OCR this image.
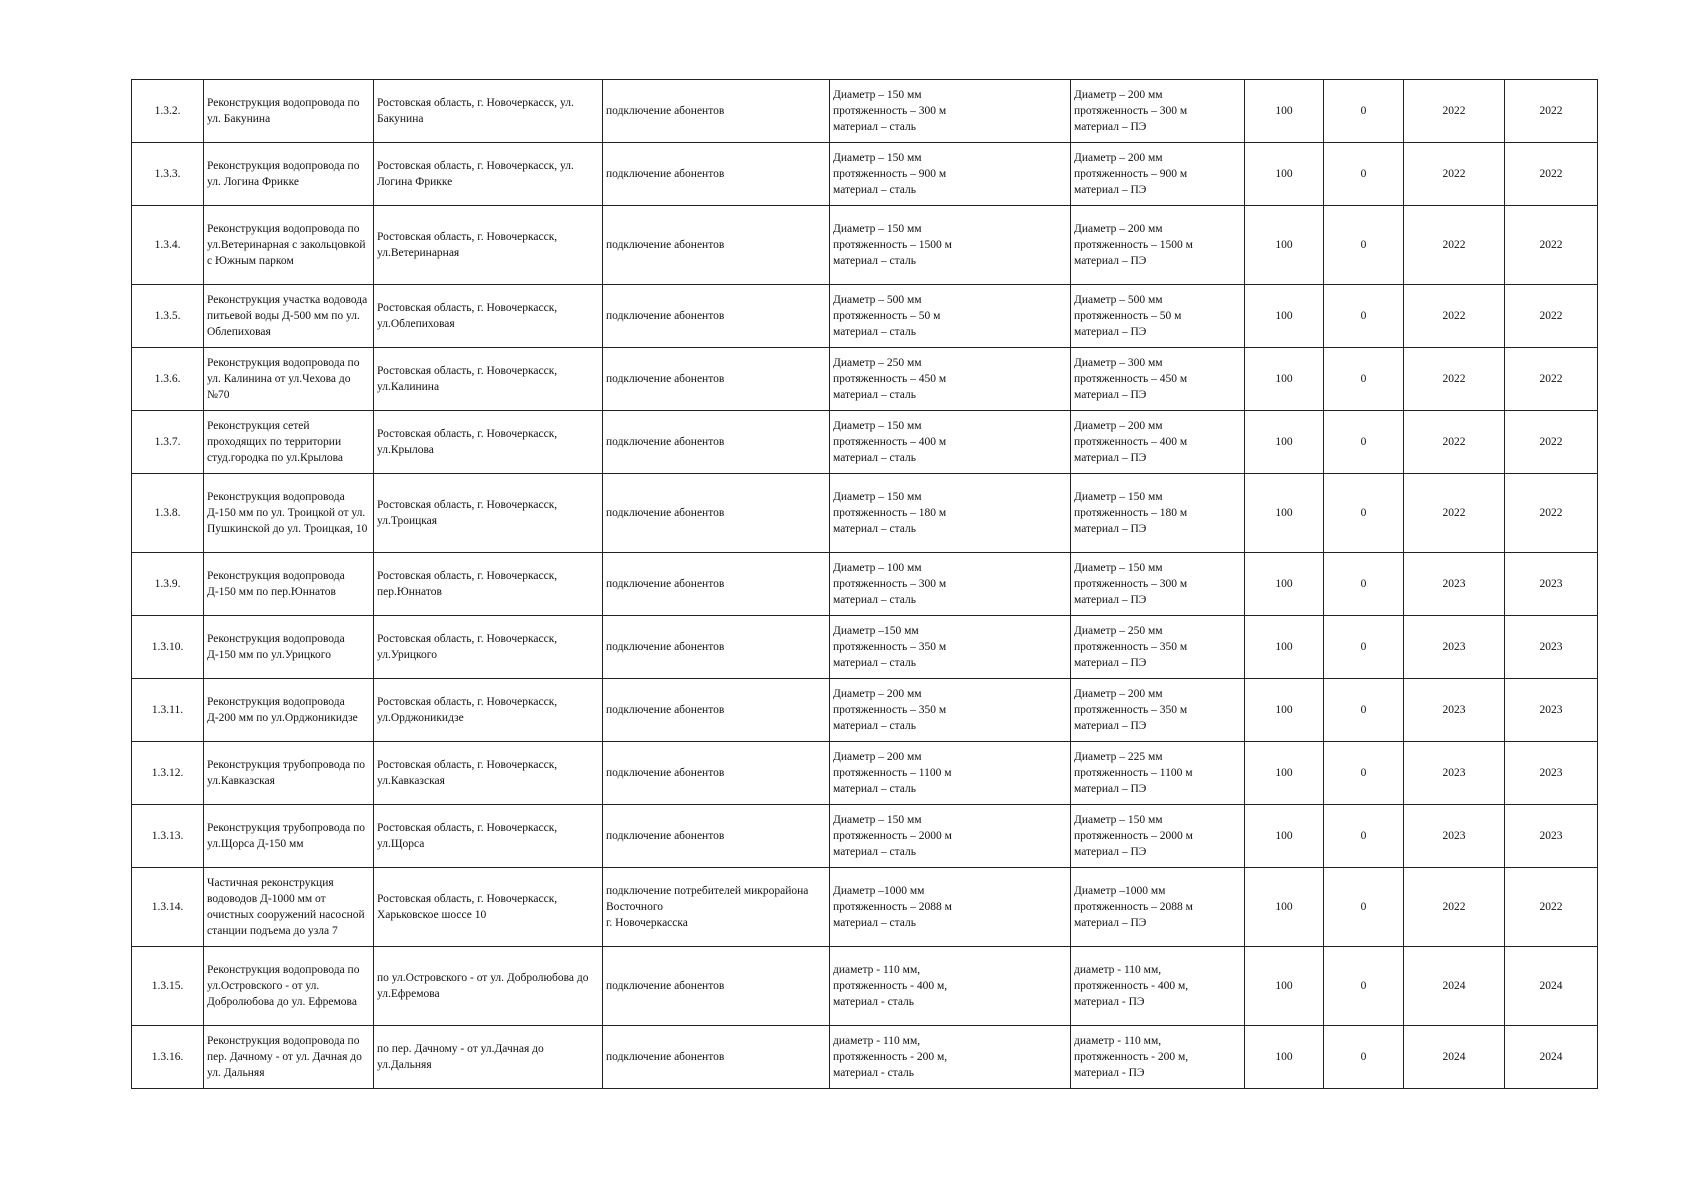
1.3.2.	Реконструкция водопровода по ул. Бакунина	Ростовская область, г. Новочеркасск, ул. Бакунина	подключение абонентов	Диаметр – 150 мм
протяженность – 300 м
материал – сталь	Диаметр – 200 мм
протяженность – 300 м
материал – ПЭ	100	0	2022	2022
1.3.3.	Реконструкция водопровода по ул. Логина Фрикке	Ростовская область, г. Новочеркасск, ул. Логина Фрикке	подключение абонентов	Диаметр – 150 мм
протяженность – 900 м
материал – сталь	Диаметр – 200 мм
протяженность – 900 м
материал – ПЭ	100	0	2022	2022
1.3.4.	Реконструкция водопровода по ул.Ветеринарная с закольцовкой с Южным парком	Ростовская область, г. Новочеркасск, ул.Ветеринарная	подключение абонентов	Диаметр – 150 мм
протяженность – 1500 м
материал – сталь	Диаметр – 200 мм
протяженность – 1500 м
материал – ПЭ	100	0	2022	2022
1.3.5.	Реконструкция участка водовода питьевой воды Д-500 мм по ул. Облепиховая	Ростовская область, г. Новочеркасск, ул.Облепиховая	подключение абонентов	Диаметр – 500 мм
протяженность – 50 м
материал – сталь	Диаметр – 500 мм
протяженность – 50 м
материал – ПЭ	100	0	2022	2022
1.3.6.	Реконструкция водопровода по ул. Калинина от ул.Чехова до №70	Ростовская область, г. Новочеркасск, ул.Калинина	подключение абонентов	Диаметр – 250 мм
протяженность – 450 м
материал – сталь	Диаметр – 300 мм
протяженность – 450 м
материал – ПЭ	100	0	2022	2022
1.3.7.	Реконструкция сетей проходящих по территории студ.городка по ул.Крылова	Ростовская область, г. Новочеркасск, ул.Крылова	подключение абонентов	Диаметр – 150 мм
протяженность – 400 м
материал – сталь	Диаметр – 200 мм
протяженность – 400 м
материал – ПЭ	100	0	2022	2022
1.3.8.	Реконструкция водопровода Д-150 мм по ул. Троицкой от ул. Пушкинской до ул. Троицкая, 10	Ростовская область, г. Новочеркасск, ул.Троицкая	подключение абонентов	Диаметр – 150 мм
протяженность – 180 м
материал – сталь	Диаметр – 150 мм
протяженность – 180 м
материал – ПЭ	100	0	2022	2022
1.3.9.	Реконструкция водопровода Д-150 мм по пер.Юннатов	Ростовская область, г. Новочеркасск, пер.Юннатов	подключение абонентов	Диаметр – 100 мм
протяженность – 300 м
материал – сталь	Диаметр – 150 мм
протяженность – 300 м
материал – ПЭ	100	0	2023	2023
1.3.10.	Реконструкция водопровода Д-150 мм по ул.Урицкого	Ростовская область, г. Новочеркасск, ул.Урицкого	подключение абонентов	Диаметр –150 мм
протяженность – 350 м
материал – сталь	Диаметр – 250 мм
протяженность – 350 м
материал – ПЭ	100	0	2023	2023
1.3.11.	Реконструкция водопровода Д-200 мм по ул.Орджоникидзе	Ростовская область, г. Новочеркасск, ул.Орджоникидзе	подключение абонентов	Диаметр – 200 мм
протяженность – 350 м
материал – сталь	Диаметр – 200 мм
протяженность – 350 м
материал – ПЭ	100	0	2023	2023
1.3.12.	Реконструкция трубопровода по ул.Кавказская	Ростовская область, г. Новочеркасск, ул.Кавказская	подключение абонентов	Диаметр – 200 мм
протяженность – 1100 м
материал – сталь	Диаметр – 225 мм
протяженность – 1100 м
материал – ПЭ	100	0	2023	2023
1.3.13.	Реконструкция трубопровода по ул.Щорса Д-150 мм	Ростовская область, г. Новочеркасск, ул.Щорса	подключение абонентов	Диаметр – 150 мм
протяженность – 2000 м
материал – сталь	Диаметр – 150 мм
протяженность – 2000 м
материал – ПЭ	100	0	2023	2023
1.3.14.	Частичная реконструкция водоводов Д-1000 мм от очистных сооружений насосной станции подъема до узла 7	Ростовская область, г. Новочеркасск, Харьковское шоссе 10	подключение потребителей микрорайона Восточного
г. Новочеркасска	Диаметр –1000 мм
протяженность – 2088 м
материал – сталь	Диаметр –1000 мм
протяженность – 2088 м
материал – ПЭ	100	0	2022	2022
1.3.15.	Реконструкция водопровода по ул.Островского - от ул. Добролюбова до ул. Ефремова	по ул.Островского - от ул. Добролюбова до ул.Ефремова	подключение абонентов	диаметр - 110 мм,
протяженность - 400 м,
материал - сталь	диаметр - 110 мм,
протяженность - 400 м,
материал - ПЭ	100	0	2024	2024
1.3.16.	Реконструкция водопровода по пер. Дачному - от ул. Дачная до ул. Дальняя	по пер. Дачному - от ул.Дачная до ул.Дальняя	подключение абонентов	диаметр - 110 мм,
протяженность - 200 м,
материал - сталь	диаметр - 110 мм,
протяженность - 200 м,
материал - ПЭ	100	0	2024	2024
